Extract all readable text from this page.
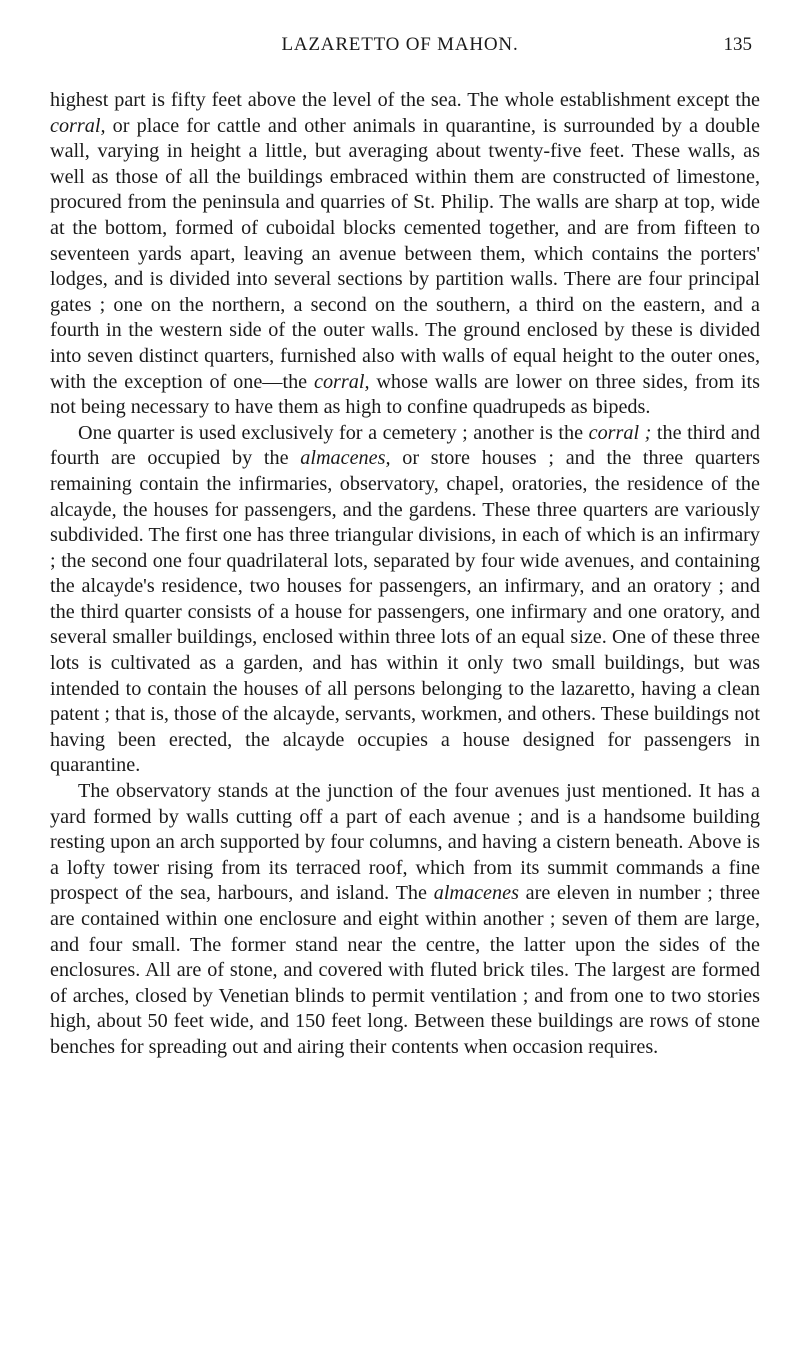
LAZARETTO OF MAHON.	135

highest part is fifty feet above the level of the sea. The whole establishment except the corral, or place for cattle and other animals in quarantine, is surrounded by a double wall, varying in height a little, but averaging about twenty-five feet. These walls, as well as those of all the buildings embraced within them are constructed of limestone, procured from the peninsula and quarries of St. Philip. The walls are sharp at top, wide at the bottom, formed of cuboidal blocks cemented together, and are from fifteen to seventeen yards apart, leaving an avenue between them, which contains the porters' lodges, and is divided into several sections by partition walls. There are four principal gates ; one on the northern, a second on the southern, a third on the eastern, and a fourth in the western side of the outer walls. The ground enclosed by these is divided into seven distinct quarters, furnished also with walls of equal height to the outer ones, with the exception of one—the corral, whose walls are lower on three sides, from its not being necessary to have them as high to confine quadrupeds as bipeds.

One quarter is used exclusively for a cemetery ; another is the corral ; the third and fourth are occupied by the almacenes, or store houses ; and the three quarters remaining contain the infirmaries, observatory, chapel, oratories, the residence of the alcayde, the houses for passengers, and the gardens. These three quarters are variously subdivided. The first one has three triangular divisions, in each of which is an infirmary ; the second one four quadrilateral lots, separated by four wide avenues, and containing the alcayde's residence, two houses for passengers, an infirmary, and an oratory ; and the third quarter consists of a house for passengers, one infirmary and one oratory, and several smaller buildings, enclosed within three lots of an equal size. One of these three lots is cultivated as a garden, and has within it only two small buildings, but was intended to contain the houses of all persons belonging to the lazaretto, having a clean patent ; that is, those of the alcayde, servants, workmen, and others. These buildings not having been erected, the alcayde occupies a house designed for passengers in quarantine.

The observatory stands at the junction of the four avenues just mentioned. It has a yard formed by walls cutting off a part of each avenue ; and is a handsome building resting upon an arch supported by four columns, and having a cistern beneath. Above is a lofty tower rising from its terraced roof, which from its summit commands a fine prospect of the sea, harbours, and island. The almacenes are eleven in number ; three are contained within one enclosure and eight within another ; seven of them are large, and four small. The former stand near the centre, the latter upon the sides of the enclosures. All are of stone, and covered with fluted brick tiles. The largest are formed of arches, closed by Venetian blinds to permit ventilation ; and from one to two stories high, about 50 feet wide, and 150 feet long. Between these buildings are rows of stone benches for spreading out and airing their contents when occasion requires.
